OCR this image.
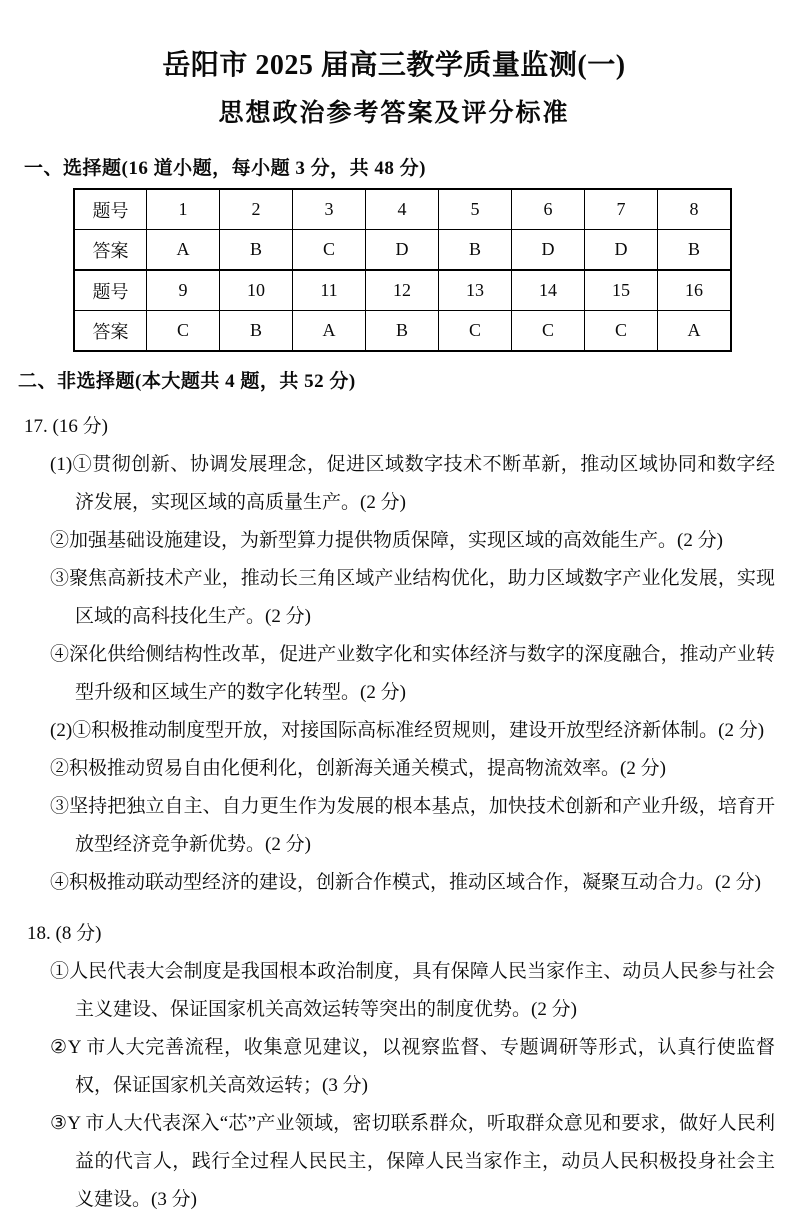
岳阳市 2025 届高三教学质量监测(一)
思想政治参考答案及评分标准
一、选择题(16 道小题，每小题 3 分，共 48 分)
题号	1	2	3	4	5	6	7	8
答案	A	B	C	D	B	D	D	B
题号	9	10	11	12	13	14	15	16
答案	C	B	A	B	C	C	C	A
二、非选择题(本大题共 4 题，共 52 分)
17. (16 分)

(1)①贯彻创新、协调发展理念，促进区域数字技术不断革新，推动区域协同和数字经济发展，实现区域的高质量生产。(2 分)

②加强基础设施建设，为新型算力提供物质保障，实现区域的高效能生产。(2 分)

③聚焦高新技术产业，推动长三角区域产业结构优化，助力区域数字产业化发展，实现区域的高科技化生产。(2 分)

④深化供给侧结构性改革，促进产业数字化和实体经济与数字的深度融合，推动产业转型升级和区域生产的数字化转型。(2 分)

(2)①积极推动制度型开放，对接国际高标准经贸规则，建设开放型经济新体制。(2 分)

②积极推动贸易自由化便利化，创新海关通关模式，提高物流效率。(2 分)

③坚持把独立自主、自力更生作为发展的根本基点，加快技术创新和产业升级，培育开放型经济竞争新优势。(2 分)

④积极推动联动型经济的建设，创新合作模式，推动区域合作，凝聚互动合力。(2 分)

18. (8 分)

①人民代表大会制度是我国根本政治制度，具有保障人民当家作主、动员人民参与社会主义建设、保证国家机关高效运转等突出的制度优势。(2 分)

②Y 市人大完善流程，收集意见建议，以视察监督、专题调研等形式，认真行使监督权，保证国家机关高效运转；(3 分)

③Y 市人大代表深入“芯”产业领域，密切联系群众，听取群众意见和要求，做好人民利益的代言人，践行全过程人民民主，保障人民当家作主，动员人民积极投身社会主义建设。(3 分)
